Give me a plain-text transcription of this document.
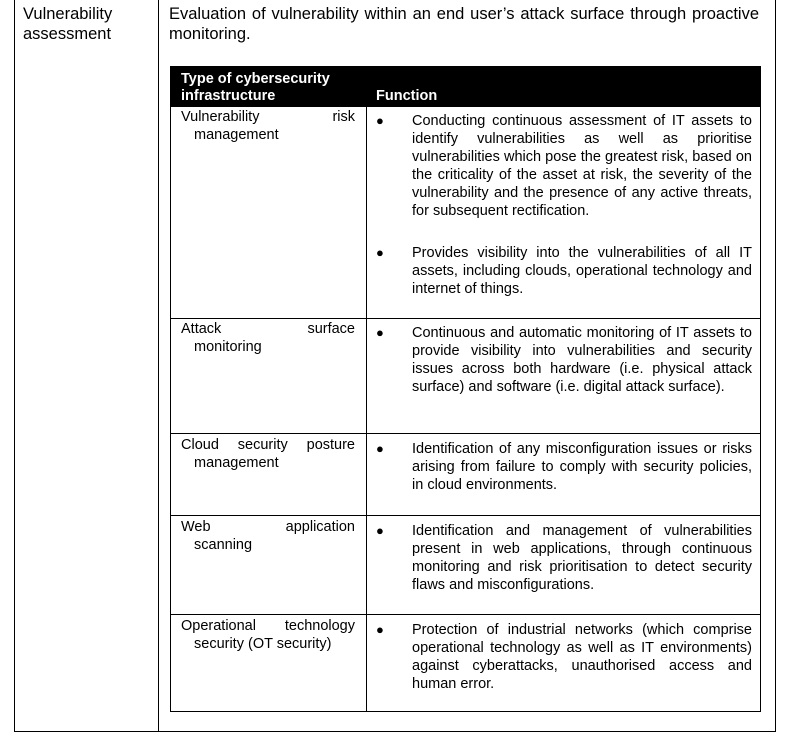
Vulnerability assessment
Evaluation of vulnerability within an end user’s attack surface through proactive monitoring.
Type of cybersecurity infrastructure	Function
Vulnerability risk
management
●	Conducting continuous assessment of IT assets to identify vulnerabilities as well as prioritise vulnerabilities which pose the greatest risk, based on the criticality of the asset at risk, the severity of the vulnerability and the presence of any active threats, for subsequent rectification.
●	Provides visibility into the vulnerabilities of all IT assets, including clouds, operational technology and internet of things.
Attack surface
monitoring
●	Continuous and automatic monitoring of IT assets to provide visibility into vulnerabilities and security issues across both hardware (i.e. physical attack surface) and software (i.e. digital attack surface).
Cloud security posture
management
●	Identification of any misconfiguration issues or risks arising from failure to comply with security policies, in cloud environments.
Web application
scanning
●	Identification and management of vulnerabilities present in web applications, through continuous monitoring and risk prioritisation to detect security flaws and misconfigurations.
Operational technology
security (OT security)
●	Protection of industrial networks (which comprise operational technology as well as IT environments) against cyberattacks, unauthorised access and human error.
